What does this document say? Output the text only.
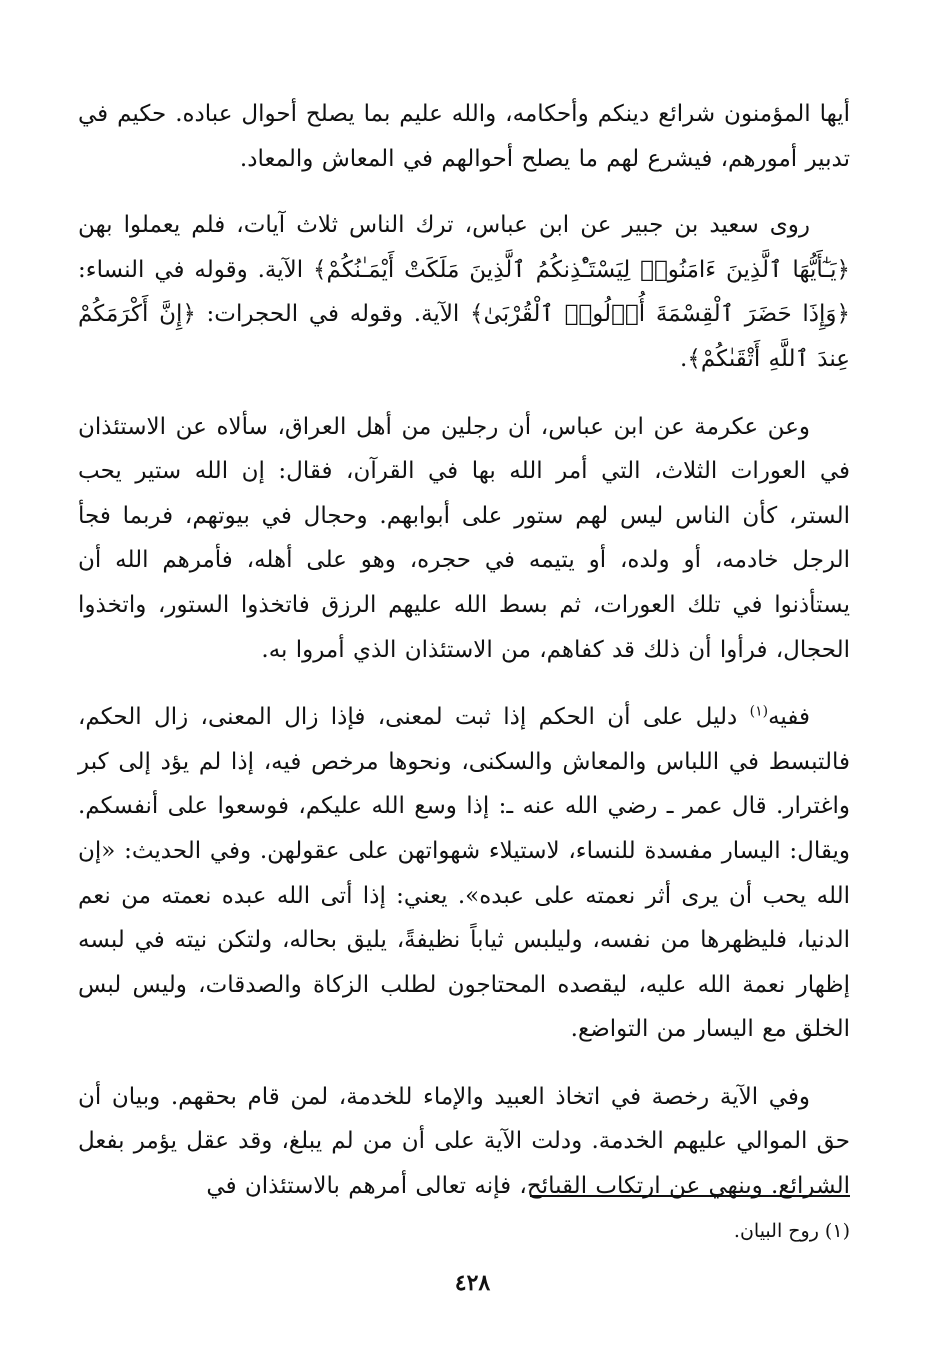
أيها المؤمنون شرائع دينكم وأحكامه، والله عليم بما يصلح أحوال عباده. حكيم في تدبير أمورهم، فيشرع لهم ما يصلح أحوالهم في المعاش والمعاد.

روى سعيد بن جبير عن ابن عباس، ترك الناس ثلاث آيات، فلم يعملوا بهن ﴿يَـٰٓأَيُّهَا ٱلَّذِينَ ءَامَنُوا۟ لِيَسْتَـْٔذِنكُمُ ٱلَّذِينَ مَلَكَتْ أَيْمَـٰنُكُمْ﴾ الآية. وقوله في النساء: ﴿وَإِذَا حَضَرَ ٱلْقِسْمَةَ أُو۟لُوا۟ ٱلْقُرْبَىٰ﴾ الآية. وقوله في الحجرات: ﴿إِنَّ أَكْرَمَكُمْ عِندَ ٱللَّهِ أَتْقَىٰكُمْ﴾.

وعن عكرمة عن ابن عباس، أن رجلين من أهل العراق، سألاه عن الاستئذان في العورات الثلاث، التي أمر الله بها في القرآن، فقال: إن الله ستير يحب الستر، كأن الناس ليس لهم ستور على أبوابهم. وحجال في بيوتهم، فربما فجأ الرجل خادمه، أو ولده، أو يتيمه في حجره، وهو على أهله، فأمرهم الله أن يستأذنوا في تلك العورات، ثم بسط الله عليهم الرزق فاتخذوا الستور، واتخذوا الحجال، فرأوا أن ذلك قد كفاهم، من الاستئذان الذي أمروا به.

ففيه$^{(١)}$ دليل على أن الحكم إذا ثبت لمعنى، فإذا زال المعنى، زال الحكم، فالتبسط في اللباس والمعاش والسكنى، ونحوها مرخص فيه، إذا لم يؤد إلى كبر واغترار. قال عمر ـ رضي الله عنه ـ: إذا وسع الله عليكم، فوسعوا على أنفسكم. ويقال: اليسار مفسدة للنساء، لاستيلاء شهواتهن على عقولهن. وفي الحديث: «إن الله يحب أن يرى أثر نعمته على عبده». يعني: إذا أتى الله عبده نعمته من نعم الدنيا، فليظهرها من نفسه، وليلبس ثياباً نظيفةً، يليق بحاله، ولتكن نيته في لبسه إظهار نعمة الله عليه، ليقصده المحتاجون لطلب الزكاة والصدقات، وليس لبس الخلق مع اليسار من التواضع.

وفي الآية رخصة في اتخاذ العبيد والإماء للخدمة، لمن قام بحقهم. وبيان أن حق الموالي عليهم الخدمة. ودلت الآية على أن من لم يبلغ، وقد عقل يؤمر بفعل الشرائع. وينهي عن ارتكاب القبائح، فإنه تعالى أمرهم بالاستئذان في

(١) روح البيان.
٤٢٨
